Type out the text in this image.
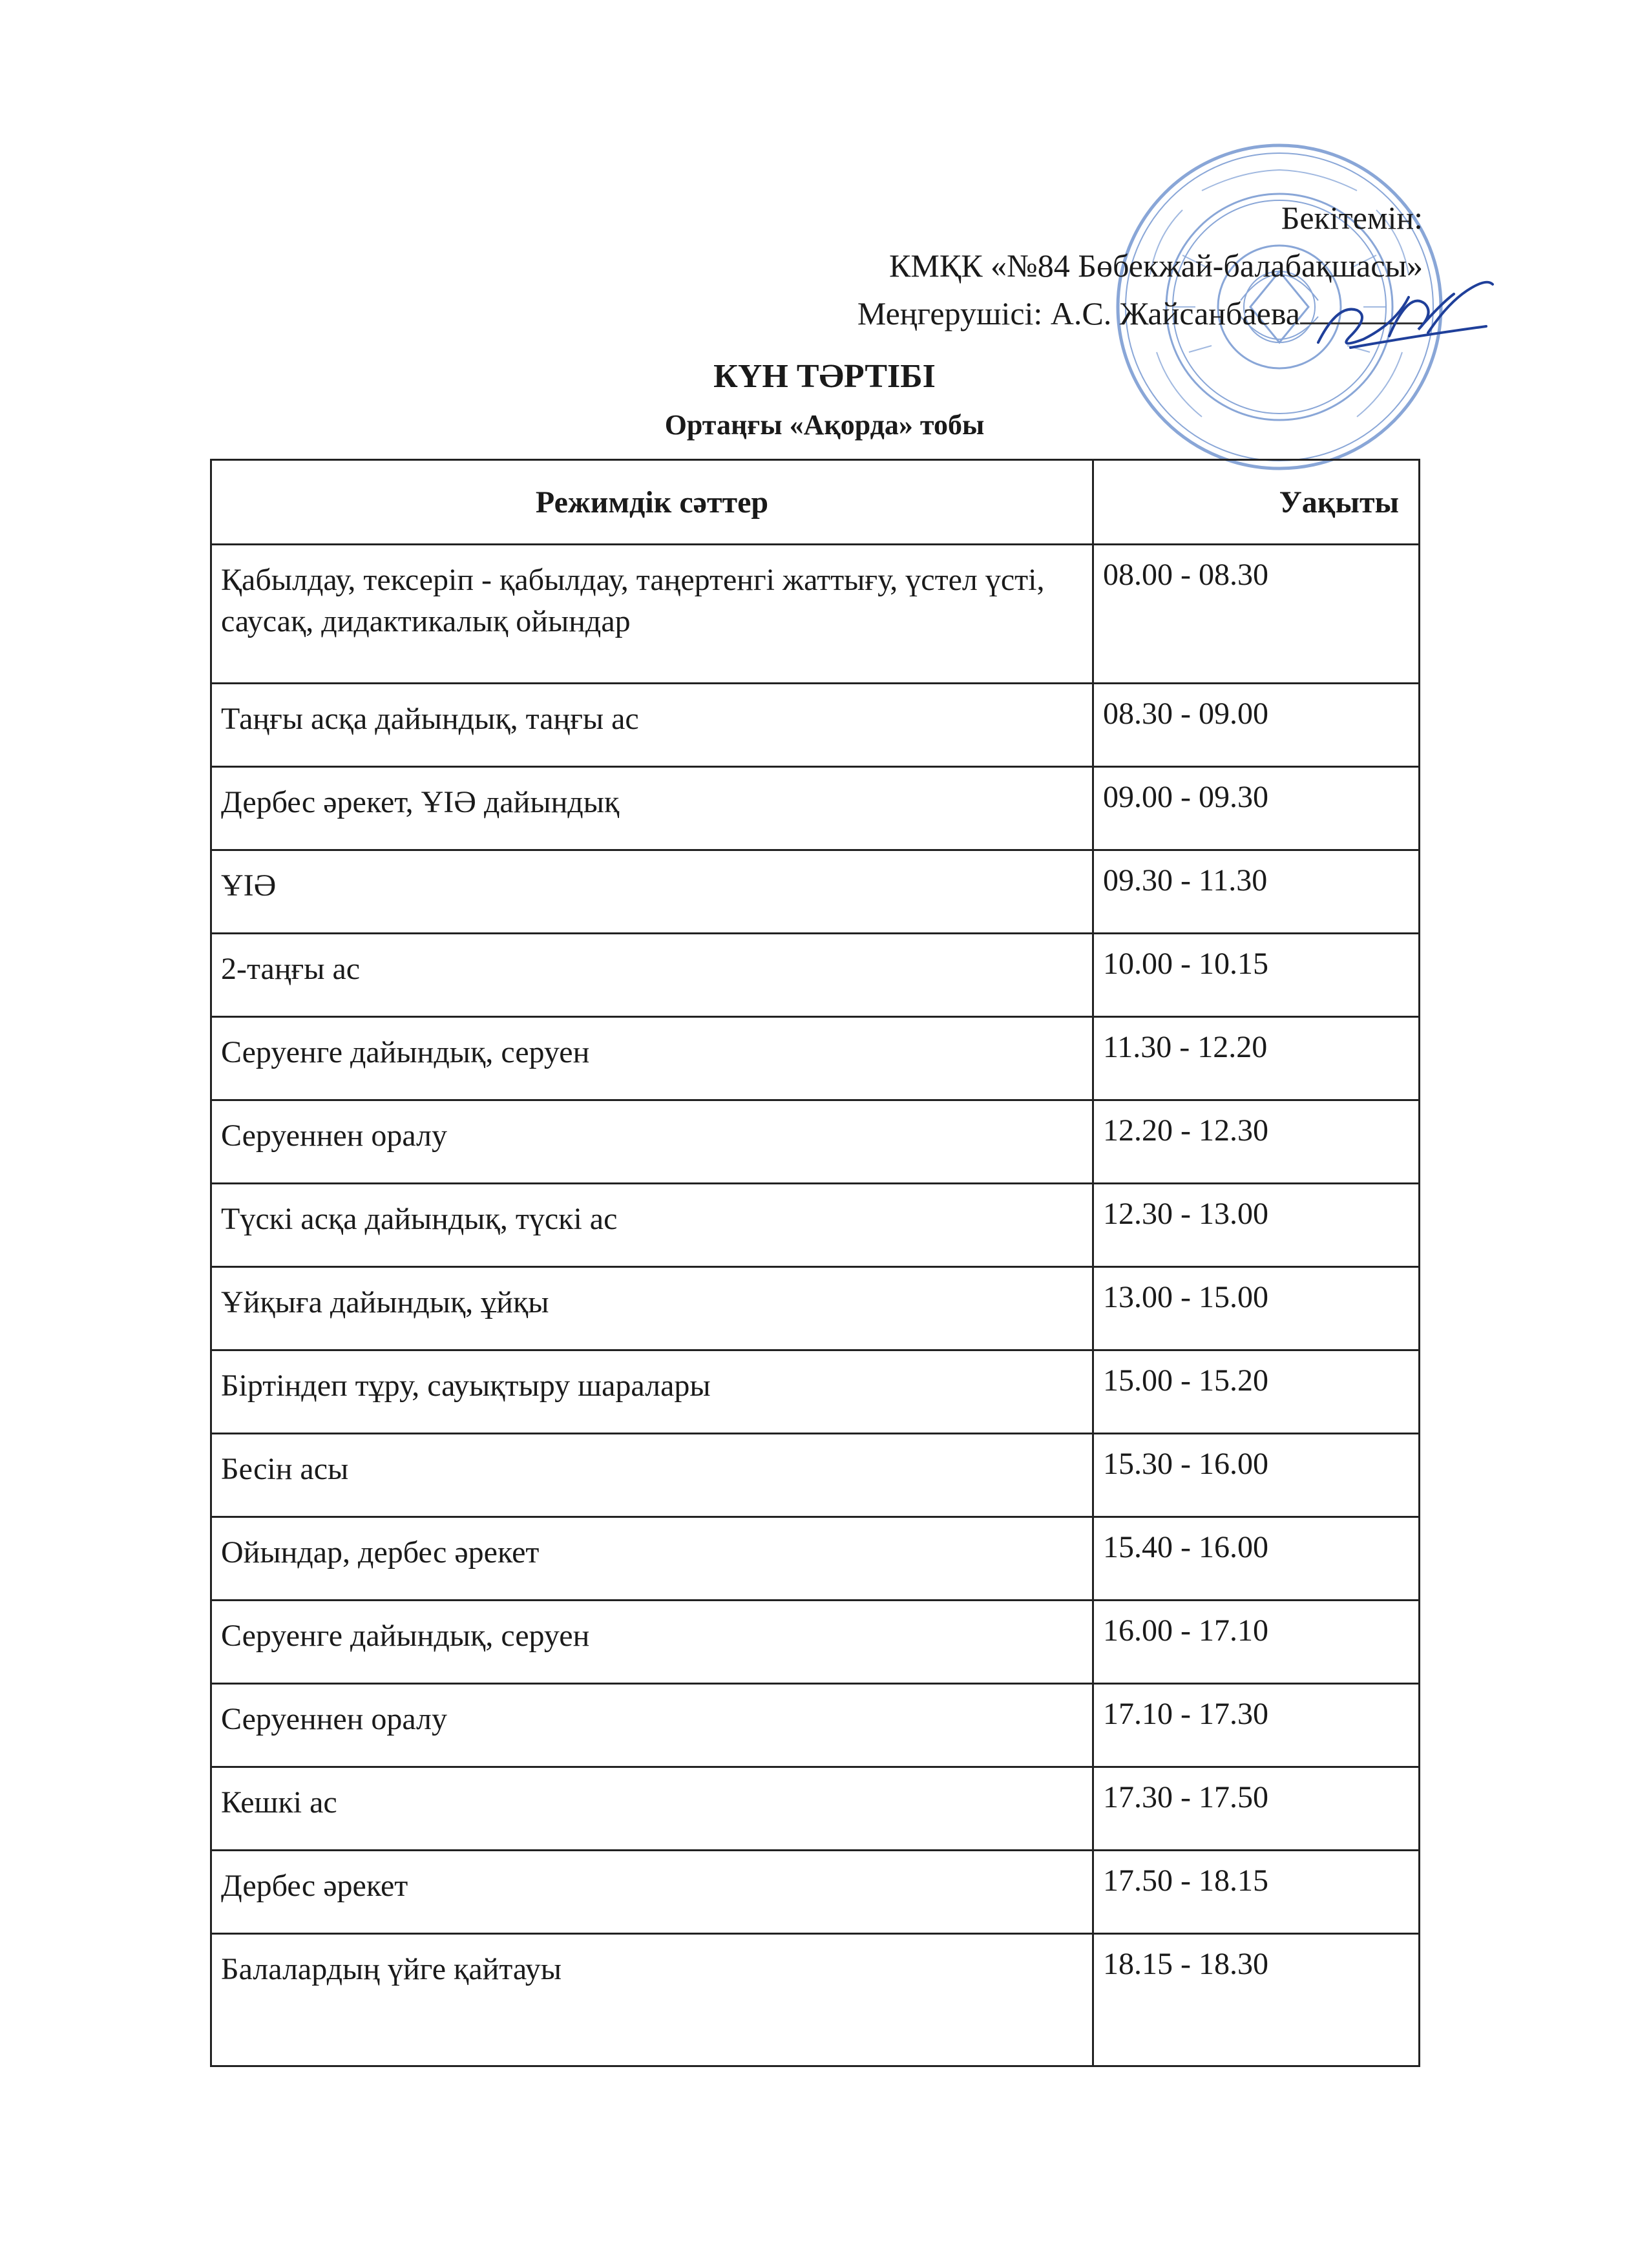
Бекітемін:
КМҚК «№84 Бөбекжай-балабақшасы»
Меңгерушісі: А.С. Жайсанбаева
КҮН ТӘРТІБІ
Ортаңғы «Ақорда» тобы
Режимдік сәттер	Уақыты
Қабылдау, тексеріп - қабылдау, таңертенгі жаттығу, үстел үсті, саусақ, дидактикалық ойындар	08.00 - 08.30
Таңғы асқа дайындық, таңғы ас	08.30 - 09.00
Дербес әрекет, ҰІӘ дайындық	09.00 - 09.30
ҰІӘ	09.30 - 11.30
2-таңғы ас	10.00 - 10.15
Серуенге дайындық, серуен	11.30 - 12.20
Серуеннен оралу	12.20 - 12.30
Түскі асқа дайындық, түскі ас	12.30 - 13.00
Ұйқыға дайындық, ұйқы	13.00 - 15.00
Біртіндеп тұру, сауықтыру шаралары	15.00 - 15.20
Бесін асы	15.30 - 16.00
Ойындар, дербес әрекет	15.40 - 16.00
Серуенге дайындық, серуен	16.00 - 17.10
Серуеннен оралу	17.10 - 17.30
Кешкі ас	17.30 - 17.50
Дербес әрекет	17.50 - 18.15
Балалардың үйге қайтауы	18.15 - 18.30
